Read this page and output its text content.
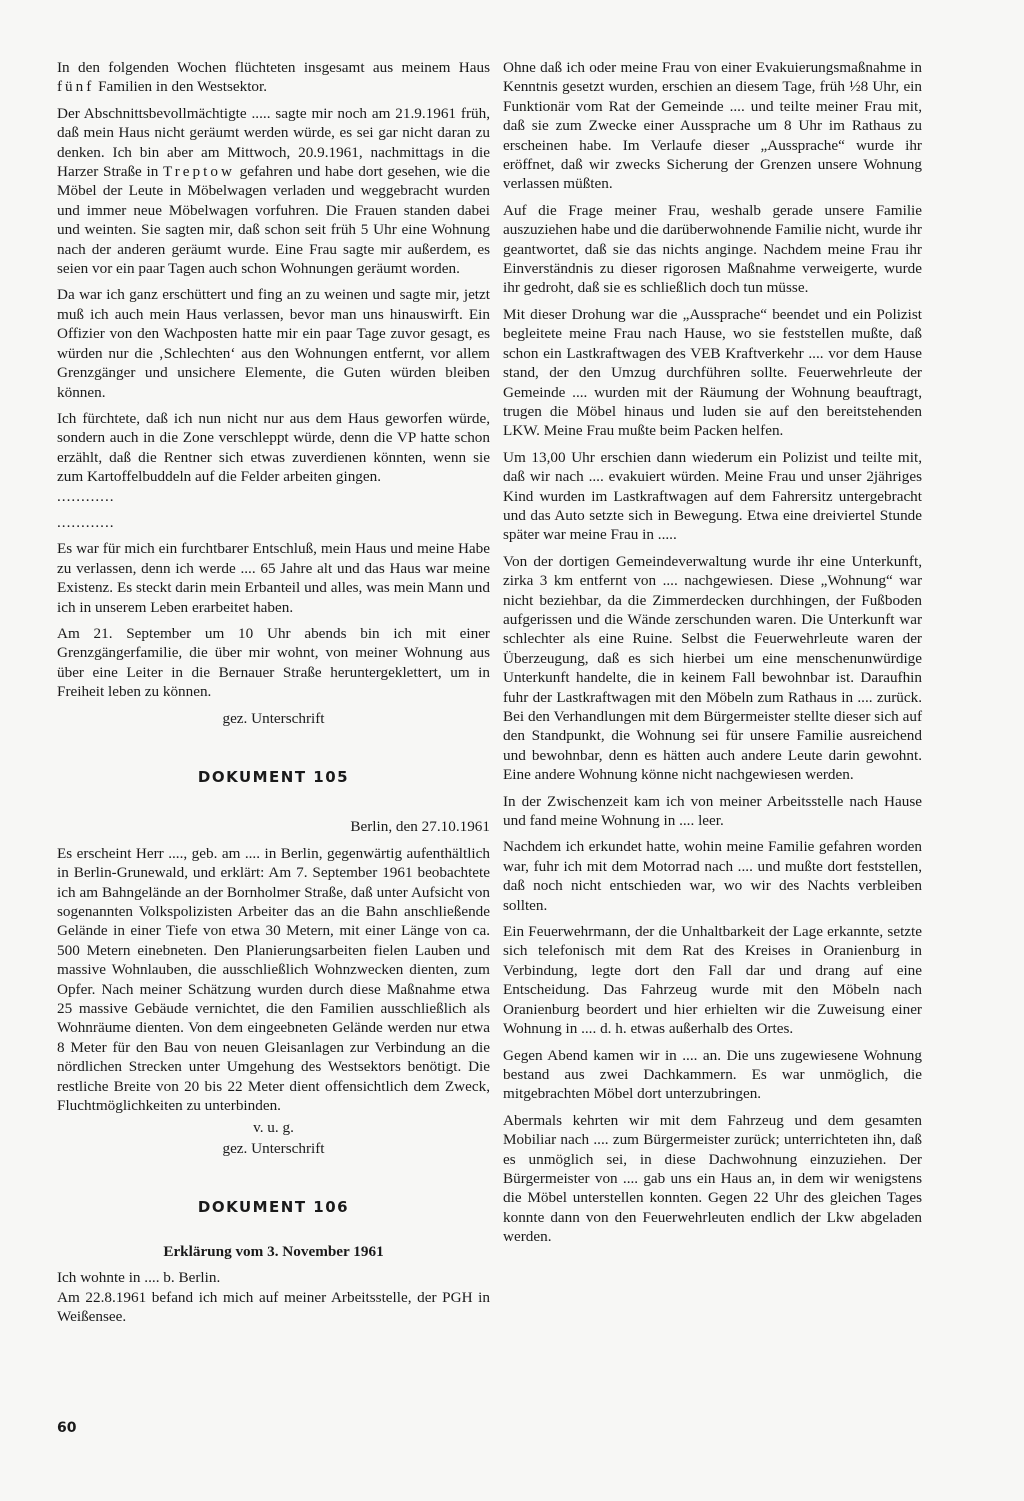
In den folgenden Wochen flüchteten insgesamt aus meinem Haus fünf Familien in den Westsektor.

Der Abschnittsbevollmächtigte ..... sagte mir noch am 21.9.1961 früh, daß mein Haus nicht geräumt werden würde, es sei gar nicht daran zu denken. Ich bin aber am Mittwoch, 20.9.1961, nachmittags in die Harzer Straße in Treptow gefahren und habe dort gesehen, wie die Möbel der Leute in Möbelwagen verladen und weggebracht wurden und immer neue Möbelwagen vorfuhren. Die Frauen standen dabei und weinten. Sie sagten mir, daß schon seit früh 5 Uhr eine Wohnung nach der anderen geräumt wurde. Eine Frau sagte mir außerdem, es seien vor ein paar Tagen auch schon Wohnungen geräumt worden.

Da war ich ganz erschüttert und fing an zu weinen und sagte mir, jetzt muß ich auch mein Haus verlassen, bevor man uns hinauswirft. Ein Offizier von den Wachposten hatte mir ein paar Tage zuvor gesagt, es würden nur die ‚Schlechten‘ aus den Wohnungen entfernt, vor allem Grenzgänger und unsichere Elemente, die Guten würden bleiben können.

Ich fürchtete, daß ich nun nicht nur aus dem Haus geworfen würde, sondern auch in die Zone verschleppt würde, denn die VP hatte schon erzählt, daß die Rentner sich etwas zuverdienen könnten, wenn sie zum Kartoffelbuddeln auf die Felder arbeiten gingen.

............

............

Es war für mich ein furchtbarer Entschluß, mein Haus und meine Habe zu verlassen, denn ich werde .... 65 Jahre alt und das Haus war meine Existenz. Es steckt darin mein Erbanteil und alles, was mein Mann und ich in unserem Leben erarbeitet haben.

Am 21. September um 10 Uhr abends bin ich mit einer Grenzgängerfamilie, die über mir wohnt, von meiner Wohnung aus über eine Leiter in die Bernauer Straße heruntergeklettert, um in Freiheit leben zu können.

gez. Unterschrift

DOKUMENT 105

Berlin, den 27.10.1961

Es erscheint Herr ...., geb. am .... in Berlin, gegenwärtig aufenthältlich in Berlin-Grunewald, und erklärt: Am 7. September 1961 beobachtete ich am Bahngelände an der Bornholmer Straße, daß unter Aufsicht von sogenannten Volkspolizisten Arbeiter das an die Bahn anschließende Gelände in einer Tiefe von etwa 30 Metern, mit einer Länge von ca. 500 Metern einebneten. Den Planierungsarbeiten fielen Lauben und massive Wohnlauben, die ausschließlich Wohnzwecken dienten, zum Opfer. Nach meiner Schätzung wurden durch diese Maßnahme etwa 25 massive Gebäude vernichtet, die den Familien ausschließlich als Wohnräume dienten. Von dem eingeebneten Gelände werden nur etwa 8 Meter für den Bau von neuen Gleisanlagen zur Verbindung an die nördlichen Strecken unter Umgehung des Westsektors benötigt. Die restliche Breite von 20 bis 22 Meter dient offensichtlich dem Zweck, Fluchtmöglichkeiten zu unterbinden.

v. u. g.

gez. Unterschrift

DOKUMENT 106

Erklärung vom 3. November 1961

Ich wohnte in .... b. Berlin.

Am 22.8.1961 befand ich mich auf meiner Arbeitsstelle, der PGH in Weißensee.

Ohne daß ich oder meine Frau von einer Evakuierungsmaßnahme in Kenntnis gesetzt wurden, erschien an diesem Tage, früh ½8 Uhr, ein Funktionär vom Rat der Gemeinde .... und teilte meiner Frau mit, daß sie zum Zwecke einer Aussprache um 8 Uhr im Rathaus zu erscheinen habe. Im Verlaufe dieser „Aussprache“ wurde ihr eröffnet, daß wir zwecks Sicherung der Grenzen unsere Wohnung verlassen müßten.

Auf die Frage meiner Frau, weshalb gerade unsere Familie auszuziehen habe und die darüberwohnende Familie nicht, wurde ihr geantwortet, daß sie das nichts anginge. Nachdem meine Frau ihr Einverständnis zu dieser rigorosen Maßnahme verweigerte, wurde ihr gedroht, daß sie es schließlich doch tun müsse.

Mit dieser Drohung war die „Aussprache“ beendet und ein Polizist begleitete meine Frau nach Hause, wo sie feststellen mußte, daß schon ein Lastkraftwagen des VEB Kraftverkehr .... vor dem Hause stand, der den Umzug durchführen sollte. Feuerwehrleute der Gemeinde .... wurden mit der Räumung der Wohnung beauftragt, trugen die Möbel hinaus und luden sie auf den bereitstehenden LKW. Meine Frau mußte beim Packen helfen.

Um 13,00 Uhr erschien dann wiederum ein Polizist und teilte mit, daß wir nach .... evakuiert würden. Meine Frau und unser 2jähriges Kind wurden im Lastkraftwagen auf dem Fahrersitz untergebracht und das Auto setzte sich in Bewegung. Etwa eine dreiviertel Stunde später war meine Frau in .....

Von der dortigen Gemeindeverwaltung wurde ihr eine Unterkunft, zirka 3 km entfernt von .... nachgewiesen. Diese „Wohnung“ war nicht beziehbar, da die Zimmerdecken durchhingen, der Fußboden aufgerissen und die Wände zerschunden waren. Die Unterkunft war schlechter als eine Ruine. Selbst die Feuerwehrleute waren der Überzeugung, daß es sich hierbei um eine menschenunwürdige Unterkunft handelte, die in keinem Fall bewohnbar ist. Daraufhin fuhr der Lastkraftwagen mit den Möbeln zum Rathaus in .... zurück. Bei den Verhandlungen mit dem Bürgermeister stellte dieser sich auf den Standpunkt, die Wohnung sei für unsere Familie ausreichend und bewohnbar, denn es hätten auch andere Leute darin gewohnt. Eine andere Wohnung könne nicht nachgewiesen werden.

In der Zwischenzeit kam ich von meiner Arbeitsstelle nach Hause und fand meine Wohnung in .... leer.

Nachdem ich erkundet hatte, wohin meine Familie gefahren worden war, fuhr ich mit dem Motorrad nach .... und mußte dort feststellen, daß noch nicht entschieden war, wo wir des Nachts verbleiben sollten.

Ein Feuerwehrmann, der die Unhaltbarkeit der Lage erkannte, setzte sich telefonisch mit dem Rat des Kreises in Oranienburg in Verbindung, legte dort den Fall dar und drang auf eine Entscheidung. Das Fahrzeug wurde mit den Möbeln nach Oranienburg beordert und hier erhielten wir die Zuweisung einer Wohnung in .... d. h. etwas außerhalb des Ortes.

Gegen Abend kamen wir in .... an. Die uns zugewiesene Wohnung bestand aus zwei Dachkammern. Es war unmöglich, die mitgebrachten Möbel dort unterzubringen.

Abermals kehrten wir mit dem Fahrzeug und dem gesamten Mobiliar nach .... zum Bürgermeister zurück; unterrichteten ihn, daß es unmöglich sei, in diese Dachwohnung einzuziehen. Der Bürgermeister von .... gab uns ein Haus an, in dem wir wenigstens die Möbel unterstellen konnten. Gegen 22 Uhr des gleichen Tages konnte dann von den Feuerwehrleuten endlich der Lkw abgeladen werden.

60
